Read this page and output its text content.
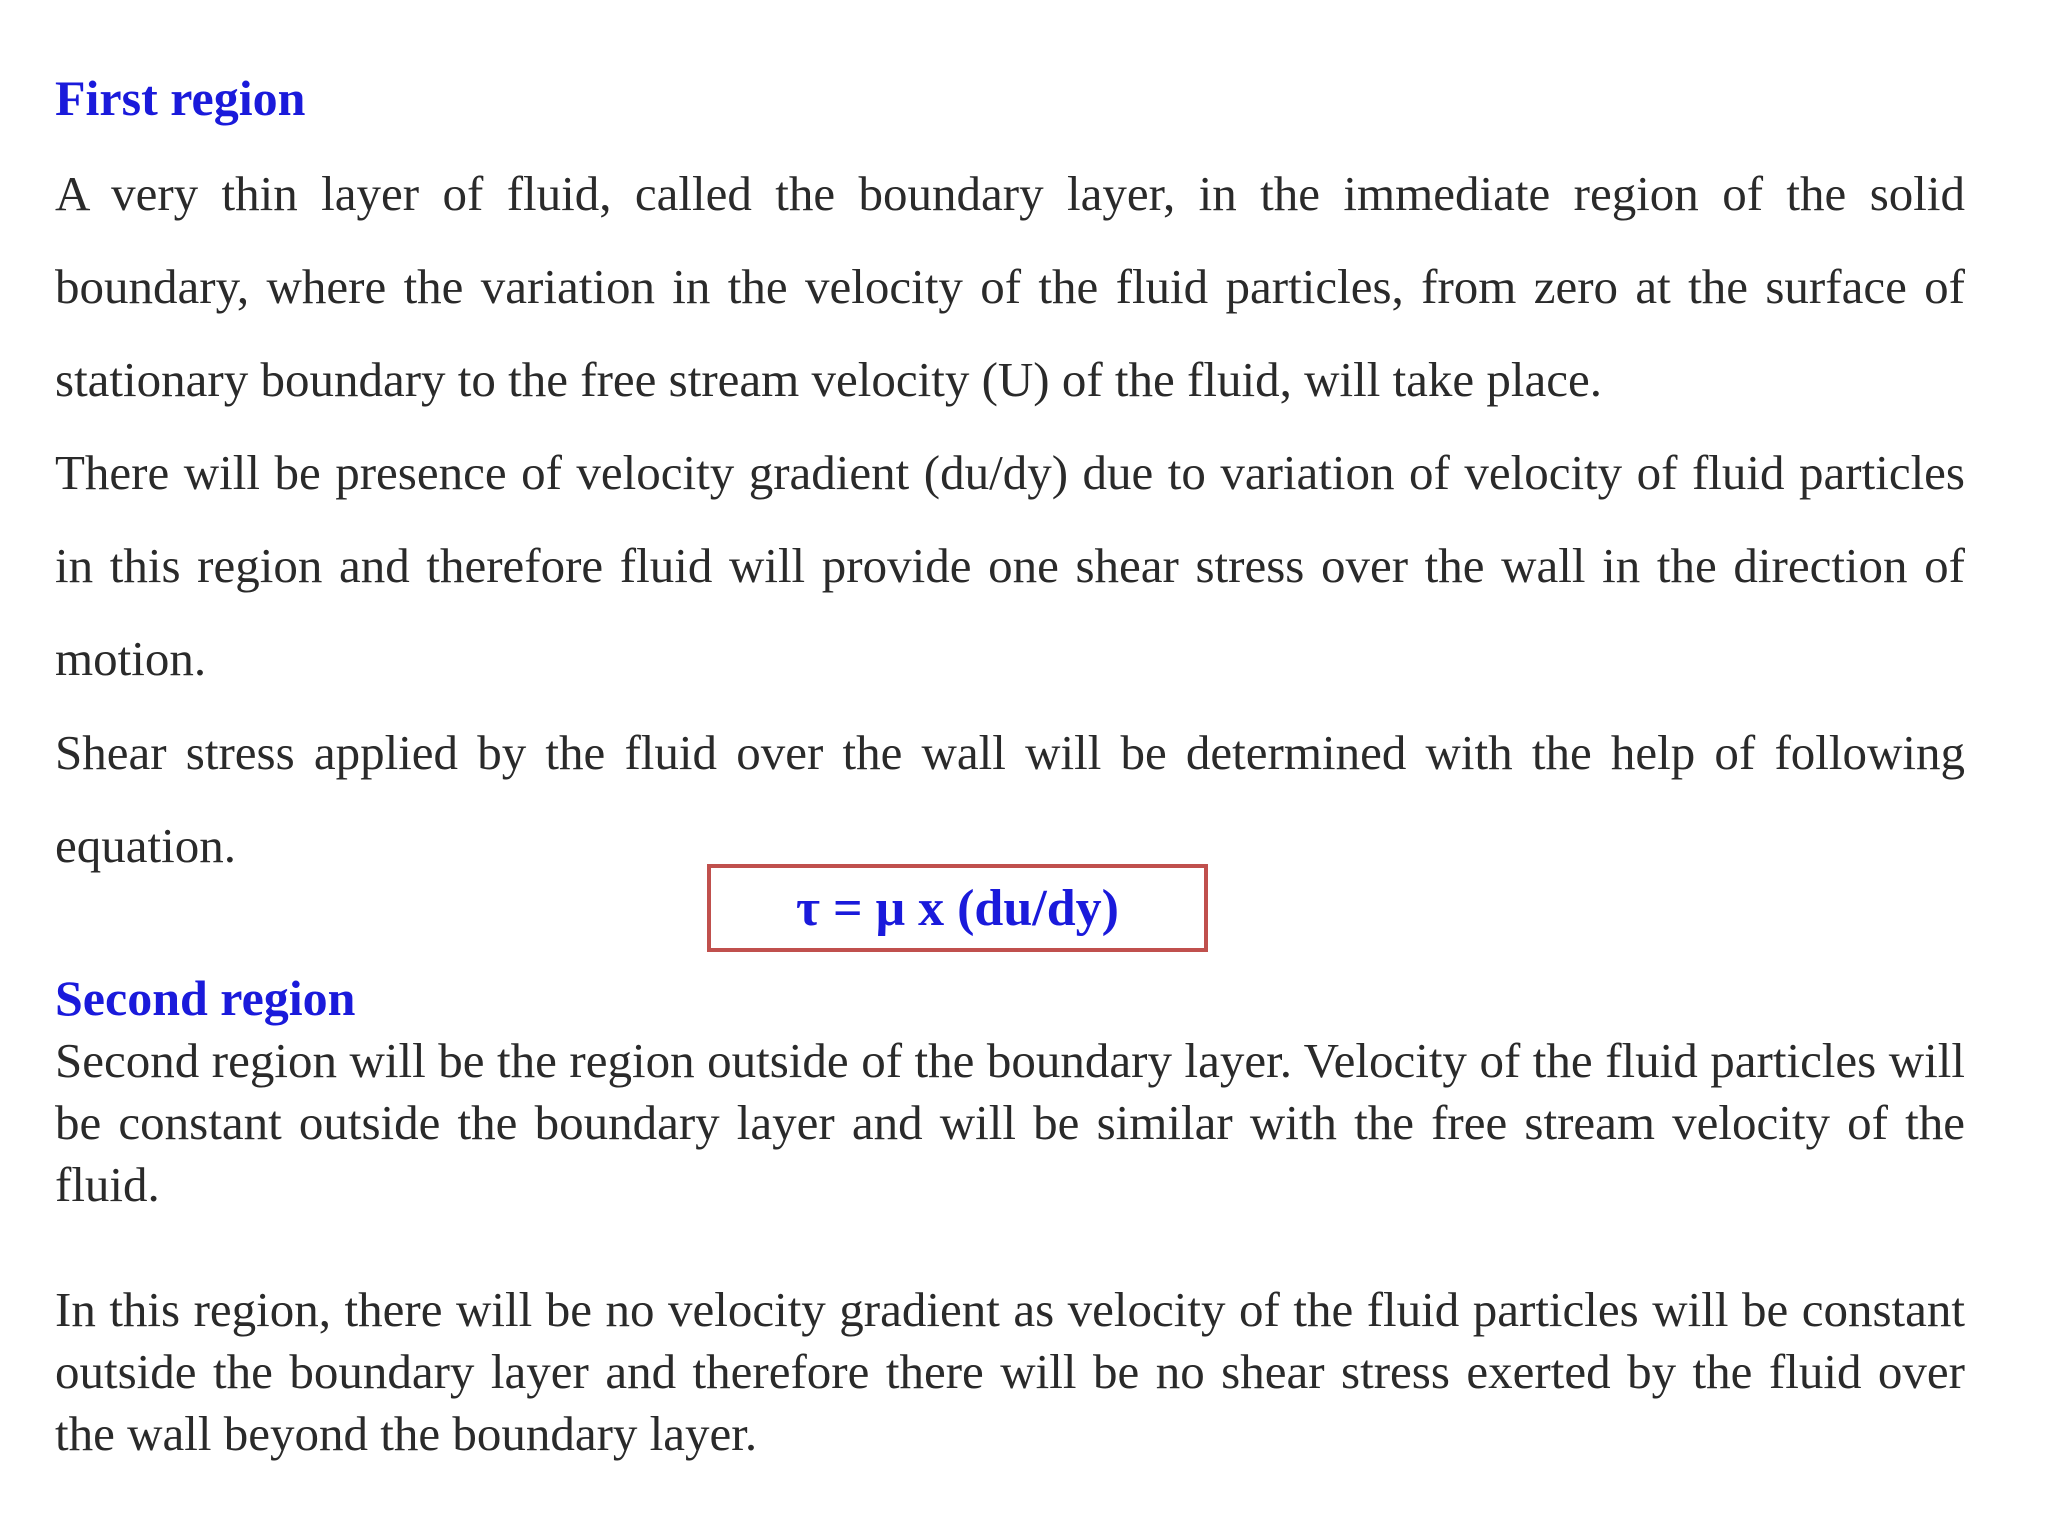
First region

A very thin layer of fluid, called the boundary layer, in the immediate region of the solid boundary, where the variation in the velocity of the fluid particles, from zero at the surface of stationary boundary to the free stream velocity (U) of the fluid, will take place.

There will be presence of velocity gradient (du/dy) due to variation of velocity of fluid particles in this region and therefore fluid will provide one shear stress over the wall in the direction of motion.

Shear stress applied by the fluid over the wall will be determined with the help of following equation.

τ = μ x (du/dy)
Second region

Second region will be the region outside of the boundary layer. Velocity of the fluid particles will be constant outside the boundary layer and will be similar with the free stream velocity of the fluid.

In this region, there will be no velocity gradient as velocity of the fluid particles will be constant outside the boundary layer and therefore there will be no shear stress exerted by the fluid over the wall beyond the boundary layer.
